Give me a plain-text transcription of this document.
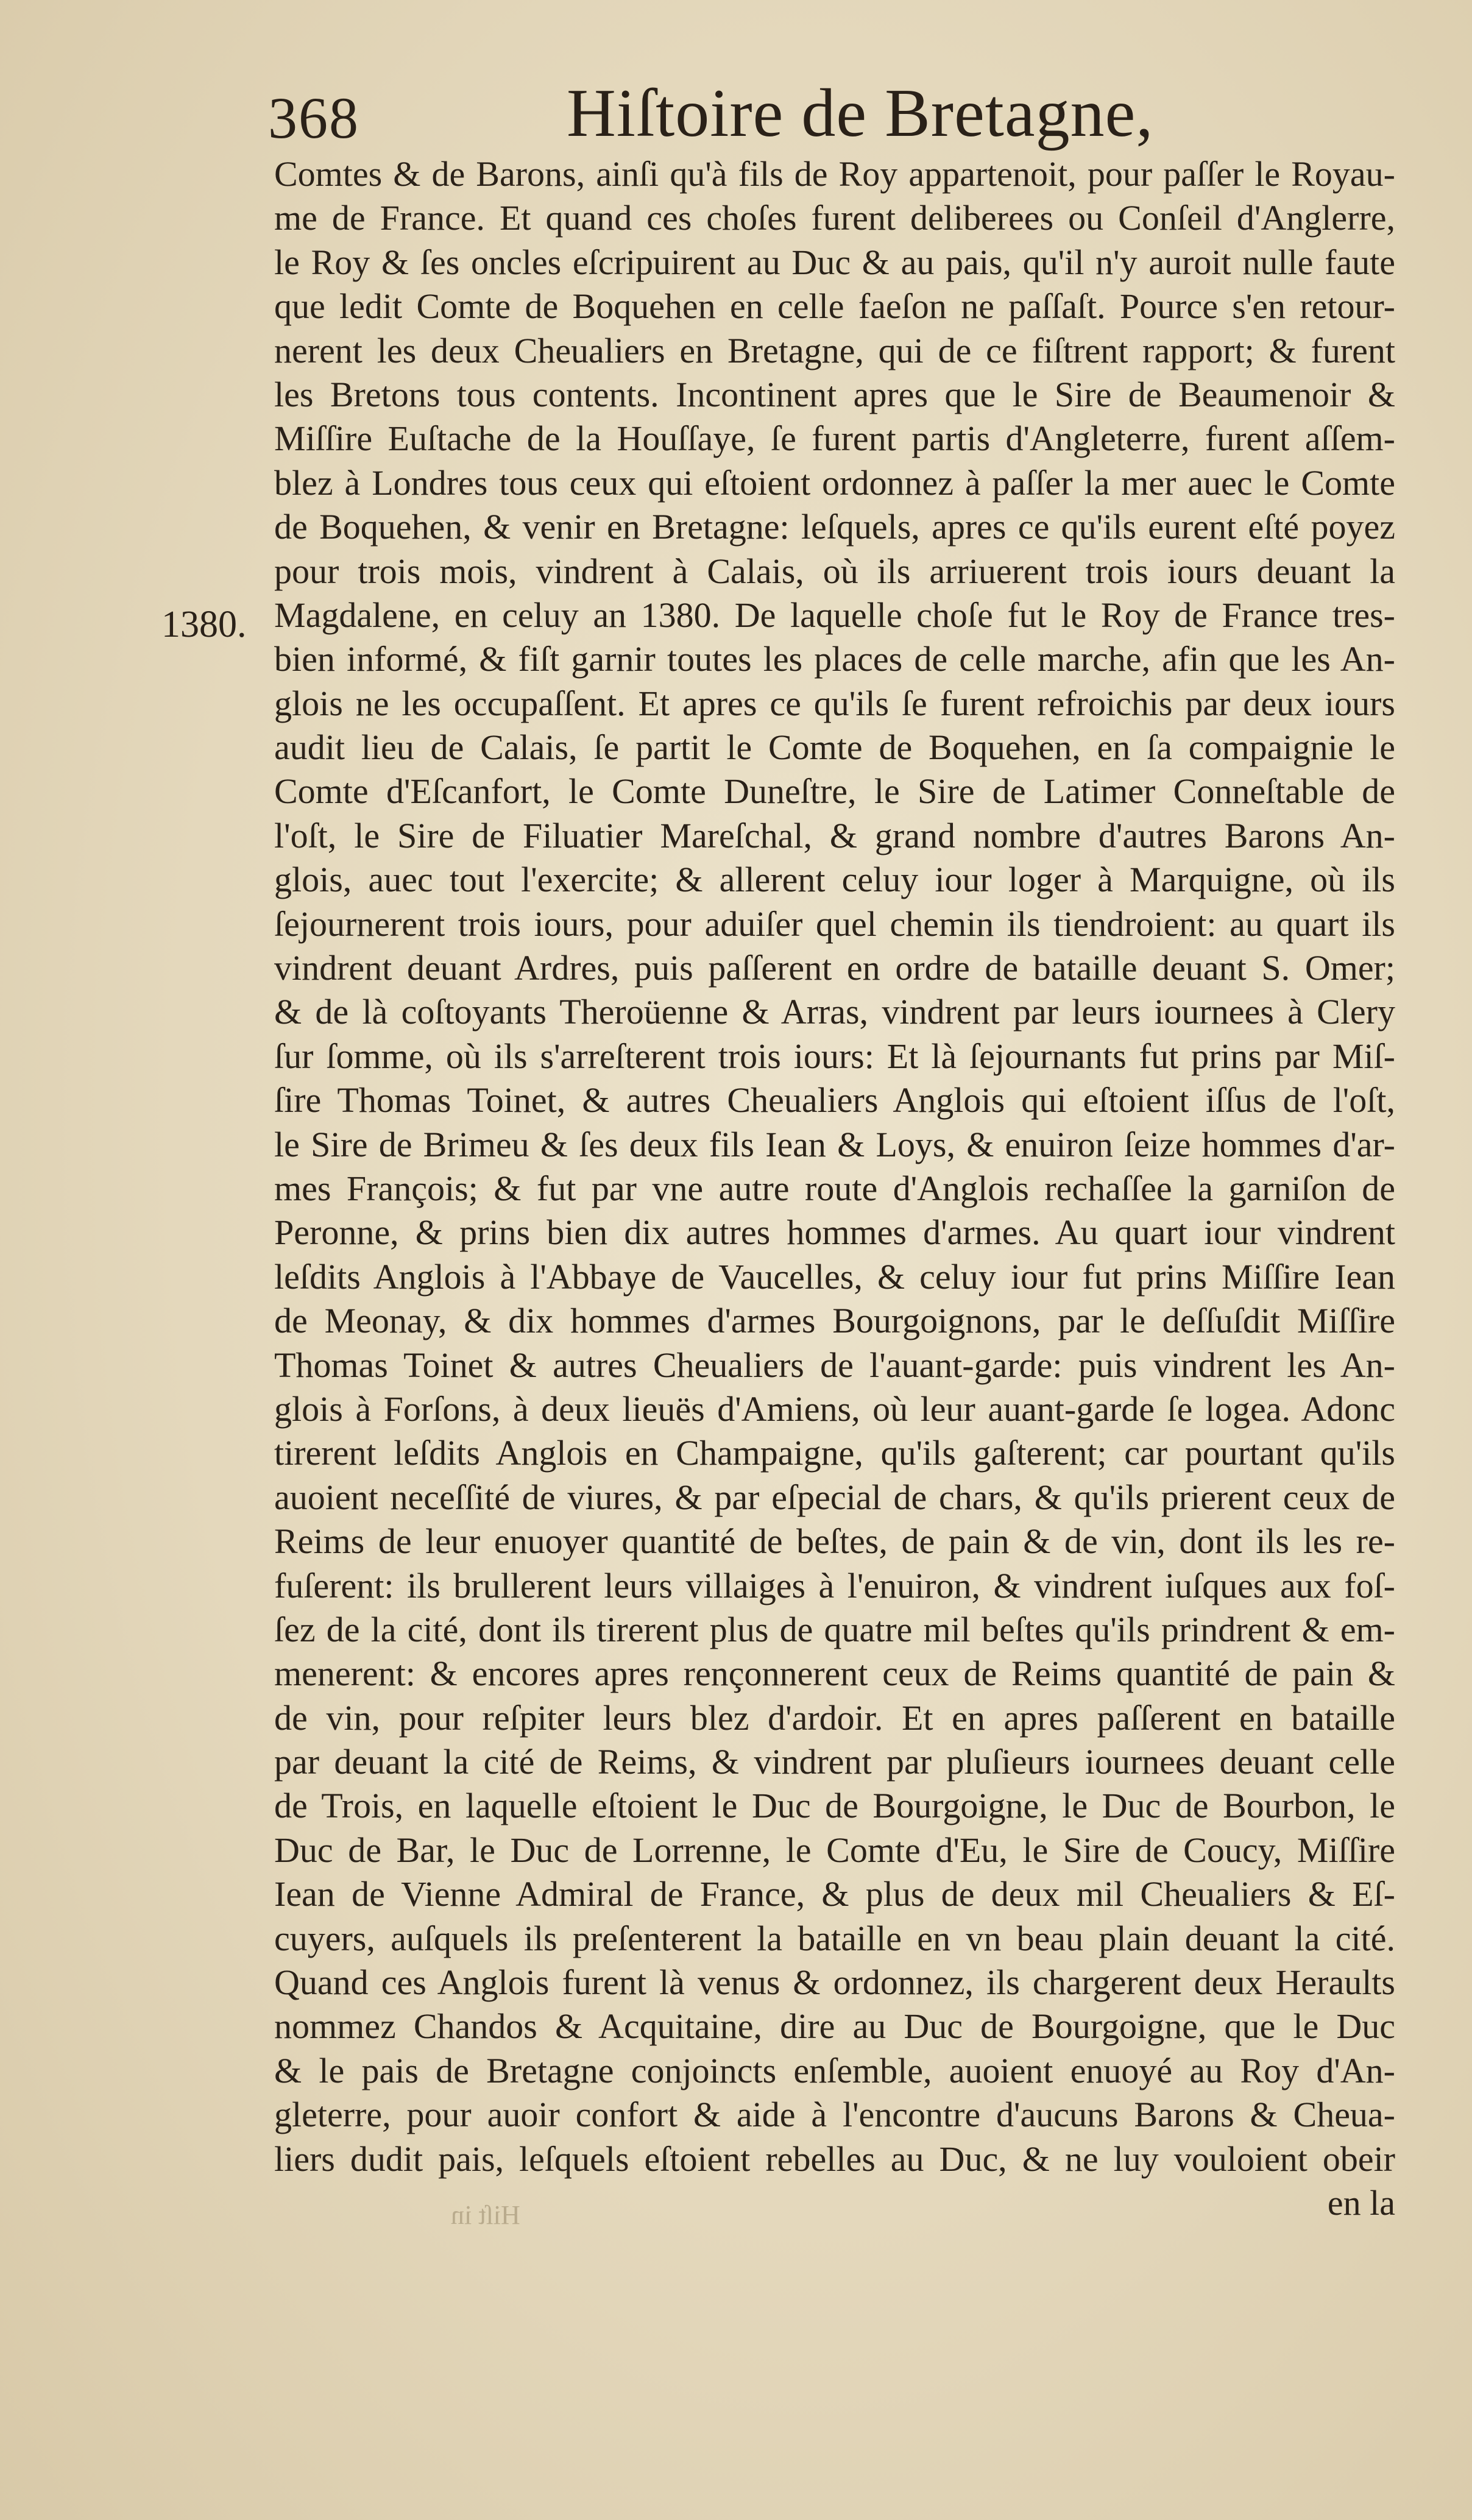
368	Hiſtoire de Bretagne,
1380.
Comtes & de Barons, ainſi qu'à fils de Roy appartenoit, pour paſſer le Royau-
me de France. Et quand ces choſes furent deliberees ou Conſeil d'Anglerre,
le Roy & ſes oncles eſcripuirent au Duc & au pais, qu'il n'y auroit nulle faute
que ledit Comte de Boquehen en celle faeſon ne paſſaſt. Pource s'en retour-
nerent les deux Cheualiers en Bretagne, qui de ce fiſtrent rapport; & furent
les Bretons tous contents. Incontinent apres que le Sire de Beaumenoir &
Miſſire Euſtache de la Houſſaye, ſe furent partis d'Angleterre, furent aſſem-
blez à Londres tous ceux qui eſtoient ordonnez à paſſer la mer auec le Comte
de Boquehen, & venir en Bretagne: leſquels, apres ce qu'ils eurent eſté poyez
pour trois mois, vindrent à Calais, où ils arriuerent trois iours deuant la
Magdalene, en celuy an 1380. De laquelle choſe fut le Roy de France tres-
bien informé, & fiſt garnir toutes les places de celle marche, afin que les An-
glois ne les occupaſſent. Et apres ce qu'ils ſe furent refroichis par deux iours
audit lieu de Calais, ſe partit le Comte de Boquehen, en ſa compaignie le
Comte d'Eſcanfort, le Comte Duneſtre, le Sire de Latimer Conneſtable de
l'oſt, le Sire de Filuatier Mareſchal, & grand nombre d'autres Barons An-
glois, auec tout l'exercite; & allerent celuy iour loger à Marquigne, où ils
ſejournerent trois iours, pour aduiſer quel chemin ils tiendroient: au quart ils
vindrent deuant Ardres, puis paſſerent en ordre de bataille deuant S. Omer;
& de là coſtoyants Theroüenne & Arras, vindrent par leurs iournees à Clery
ſur ſomme, où ils s'arreſterent trois iours: Et là ſejournants fut prins par Miſ-
ſire Thomas Toinet, & autres Cheualiers Anglois qui eſtoient iſſus de l'oſt,
le Sire de Brimeu & ſes deux fils Iean & Loys, & enuiron ſeize hommes d'ar-
mes François; & fut par vne autre route d'Anglois rechaſſee la garniſon de
Peronne, & prins bien dix autres hommes d'armes. Au quart iour vindrent
leſdits Anglois à l'Abbaye de Vaucelles, & celuy iour fut prins Miſſire Iean
de Meonay, & dix hommes d'armes Bourgoignons, par le deſſuſdit Miſſire
Thomas Toinet & autres Cheualiers de l'auant-garde: puis vindrent les An-
glois à Forſons, à deux lieuës d'Amiens, où leur auant-garde ſe logea. Adonc
tirerent leſdits Anglois en Champaigne, qu'ils gaſterent; car pourtant qu'ils
auoient neceſſité de viures, & par eſpecial de chars, & qu'ils prierent ceux de
Reims de leur enuoyer quantité de beſtes, de pain & de vin, dont ils les re-
fuſerent: ils brullerent leurs villaiges à l'enuiron, & vindrent iuſques aux foſ-
ſez de la cité, dont ils tirerent plus de quatre mil beſtes qu'ils prindrent & em-
menerent: & encores apres rençonnerent ceux de Reims quantité de pain &
de vin, pour reſpiter leurs blez d'ardoir. Et en apres paſſerent en bataille
par deuant la cité de Reims, & vindrent par pluſieurs iournees deuant celle
de Trois, en laquelle eſtoient le Duc de Bourgoigne, le Duc de Bourbon, le
Duc de Bar, le Duc de Lorrenne, le Comte d'Eu, le Sire de Coucy, Miſſire
Iean de Vienne Admiral de France, & plus de deux mil Cheualiers & Eſ-
cuyers, auſquels ils preſenterent la bataille en vn beau plain deuant la cité.
Quand ces Anglois furent là venus & ordonnez, ils chargerent deux Heraults
nommez Chandos & Acquitaine, dire au Duc de Bourgoigne, que le Duc
& le pais de Bretagne conjoincts enſemble, auoient enuoyé au Roy d'An-
gleterre, pour auoir confort & aide à l'encontre d'aucuns Barons & Cheua-
liers dudit pais, leſquels eſtoient rebelles au Duc, & ne luy vouloient obeir
en la
Hiſt in
